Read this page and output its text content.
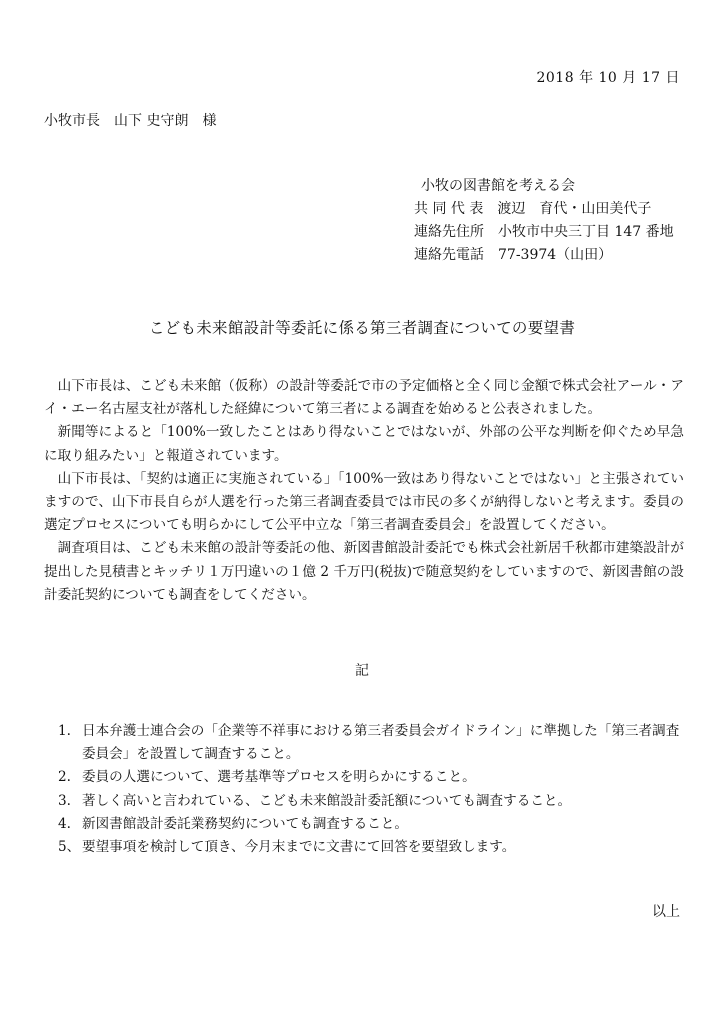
2018 年 10 月 17 日
小牧市長　山下 史守朗　様
小牧の図書館を考える会
共 同 代 表　渡辺　育代・山田美代子
連絡先住所　小牧市中央三丁目 147 番地
連絡先電話　77-3974（山田）
こども未来館設計等委託に係る第三者調査についての要望書

山下市長は、こども未来館（仮称）の設計等委託で市の予定価格と全く同じ金額で株式会社アール・アイ・エー名古屋支社が落札した経緯について第三者による調査を始めると公表されました。

新聞等によると「100%一致したことはあり得ないことではないが、外部の公平な判断を仰ぐため早急に取り組みたい」と報道されています。

山下市長は、「契約は適正に実施されている」「100%一致はあり得ないことではない」と主張されていますので、山下市長自らが人選を行った第三者調査委員では市民の多くが納得しないと考えます。委員の選定プロセスについても明らかにして公平中立な「第三者調査委員会」を設置してください。

調査項目は、こども未来館の設計等委託の他、新図書館設計委託でも株式会社新居千秋都市建築設計が提出した見積書とキッチリ１万円違いの１億 2 千万円(税抜)で随意契約をしていますので、新図書館の設計委託契約についても調査をしてください。

記
1. 日本弁護士連合会の「企業等不祥事における第三者委員会ガイドライン」に準拠した「第三者調査委員会」を設置して調査すること。
2. 委員の人選について、選考基準等プロセスを明らかにすること。
3. 著しく高いと言われている、こども未来館設計委託額についても調査すること。
4. 新図書館設計委託業務契約についても調査すること。
5、 要望事項を検討して頂き、今月末までに文書にて回答を要望致します。
以上
